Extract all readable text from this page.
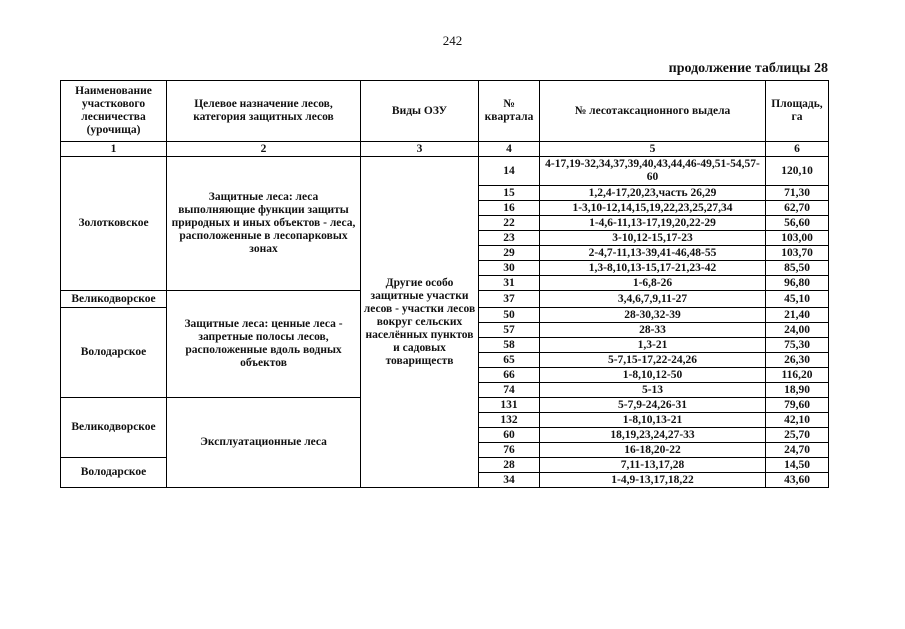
242
продолжение таблицы 28
Наименование участкового лесничества (урочища)	Целевое назначение лесов, категория защитных лесов	Виды ОЗУ	№ квартала	№ лесотаксационного выдела	Площадь, га
1	2	3	4	5	6
Золотковское	Защитные леса: леса выполняющие функции защиты природных и иных объектов - леса, расположенные в лесопарковых зонах	Другие особо защитные участки лесов - участки лесов вокруг сельских населённых пунктов и садовых товариществ	14	4-17,19-32,34,37,39,40,43,44,46-49,51-54,57-60	120,10
			15	1,2,4-17,20,23,часть 26,29	71,30
			16	1-3,10-12,14,15,19,22,23,25,27,34	62,70
			22	1-4,6-11,13-17,19,20,22-29	56,60
			23	3-10,12-15,17-23	103,00
			29	2-4,7-11,13-39,41-46,48-55	103,70
			30	1,3-8,10,13-15,17-21,23-42	85,50
			31	1-6,8-26	96,80
Великодворское	Защитные леса: ценные леса - запретные полосы лесов, расположенные вдоль водных объектов		37	3,4,6,7,9,11-27	45,10
Володарское			50	28-30,32-39	21,40
			57	28-33	24,00
			58	1,3-21	75,30
			65	5-7,15-17,22-24,26	26,30
			66	1-8,10,12-50	116,20
			74	5-13	18,90
Великодворское	Эксплуатационные леса		131	5-7,9-24,26-31	79,60
			132	1-8,10,13-21	42,10
			60	18,19,23,24,27-33	25,70
			76	16-18,20-22	24,70
Володарское			28	7,11-13,17,28	14,50
			34	1-4,9-13,17,18,22	43,60
